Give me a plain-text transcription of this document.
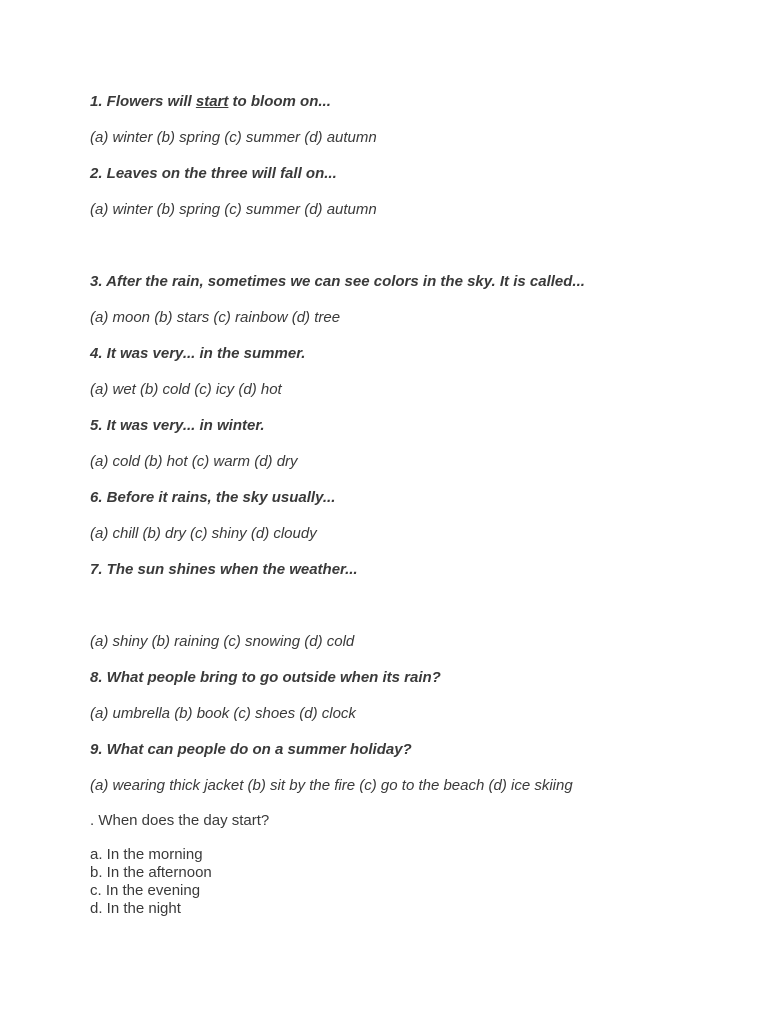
1. Flowers will start to bloom on...
(a) winter (b) spring (c) summer (d) autumn
2. Leaves on the three will fall on...
(a) winter (b) spring (c) summer (d) autumn
3. After the rain, sometimes we can see colors in the sky. It is called...
(a) moon (b) stars (c) rainbow (d) tree
4. It was very... in the summer.
(a) wet (b) cold (c) icy (d) hot
5. It was very... in winter.
(a) cold (b) hot (c) warm (d) dry
6. Before it rains, the sky usually...
(a) chill (b) dry (c) shiny (d) cloudy
7. The sun shines when the weather...
(a) shiny (b) raining (c) snowing (d) cold
8. What people bring to go outside when its rain?
(a) umbrella (b) book (c) shoes (d) clock
9. What can people do on a summer holiday?
(a) wearing thick jacket (b) sit by the fire (c) go to the beach (d) ice skiing
. When does the day start?
a. In the morning
b. In the afternoon
c. In the evening
d. In the night
